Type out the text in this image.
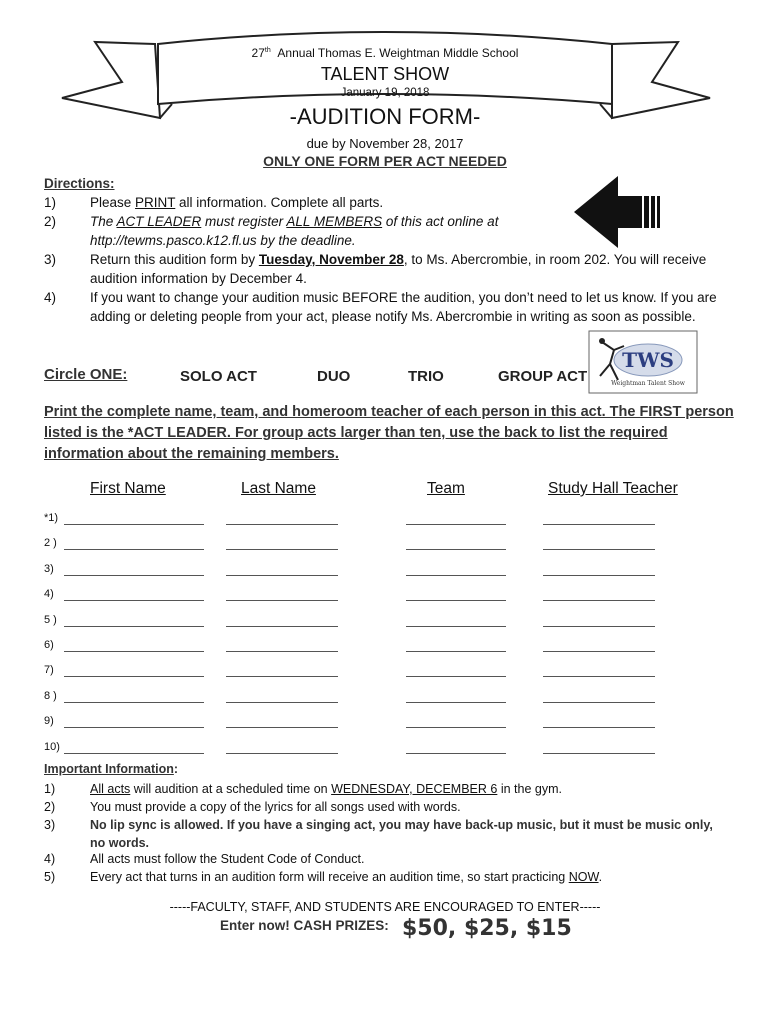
27th Annual Thomas E. Weightman Middle School
TALENT SHOW
January 19, 2018
-AUDITION FORM-
due by November 28, 2017
ONLY ONE FORM PER ACT NEEDED
Directions:
1)	Please PRINT all information. Complete all parts.
2)	The ACT LEADER must register ALL MEMBERS of this act online at
http://tewms.pasco.k12.fl.us by the deadline.
3)	Return this audition form by Tuesday, November 28, to Ms. Abercrombie, in room 202. You will receive audition information by December 4.
4)	If you want to change your audition music BEFORE the audition, you don’t need to let us know. If you are adding or deleting people from your act, please notify Ms. Abercrombie in writing as soon as possible.
Circle ONE:	SOLO ACT	DUO	TRIO	GROUP ACT
TWS
Weightman Talent Show
Print the complete name, team, and homeroom teacher of each person in this act. The FIRST person listed is the *ACT LEADER. For group acts larger than ten, use the back to list the required information about the remaining members.
First Name	Last Name	Team	Study Hall Teacher
*1)
2 )
3)
4)
5 )
6)
7)
8 )
9)
10)
Important Information:
1)	All acts will audition at a scheduled time on WEDNESDAY, DECEMBER 6 in the gym.
2)	You must provide a copy of the lyrics for all songs used with words.
3)	No lip sync is allowed. If you have a singing act, you may have back-up music, but it must be music only, no words.
4)	All acts must follow the Student Code of Conduct.
5)	Every act that turns in an audition form will receive an audition time, so start practicing NOW.
-----FACULTY, STAFF, AND STUDENTS ARE ENCOURAGED TO ENTER-----
Enter now! CASH PRIZES: $50, $25, $15
